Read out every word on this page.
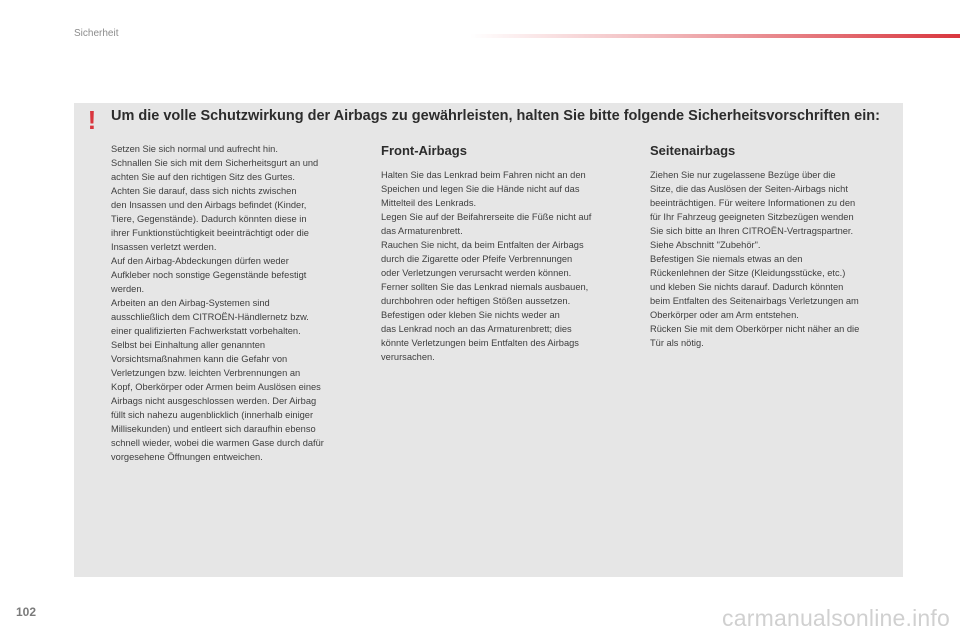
Sicherheit
! Um die volle Schutzwirkung der Airbags zu gewährleisten, halten Sie bitte folgende Sicherheitsvorschriften ein:

Setzen Sie sich normal und aufrecht hin.

Schnallen Sie sich mit dem Sicherheitsgurt an und

achten Sie auf den richtigen Sitz des Gurtes.

Achten Sie darauf, dass sich nichts zwischen

den Insassen und den Airbags befindet (Kinder,

Tiere, Gegenstände). Dadurch könnten diese in

ihrer Funktionstüchtigkeit beeinträchtigt oder die

Insassen verletzt werden.

Auf den Airbag-Abdeckungen dürfen weder

Aufkleber noch sonstige Gegenstände befestigt

werden.

Arbeiten an den Airbag-Systemen sind

ausschließlich dem CITROËN-Händlernetz bzw.

einer qualifizierten Fachwerkstatt vorbehalten.

Selbst bei Einhaltung aller genannten

Vorsichtsmaßnahmen kann die Gefahr von

Verletzungen bzw. leichten Verbrennungen an

Kopf, Oberkörper oder Armen beim Auslösen eines

Airbags nicht ausgeschlossen werden. Der Airbag

füllt sich nahezu augenblicklich (innerhalb einiger

Millisekunden) und entleert sich daraufhin ebenso

schnell wieder, wobei die warmen Gase durch dafür

vorgesehene Öffnungen entweichen.

Front-Airbags

Halten Sie das Lenkrad beim Fahren nicht an den

Speichen und legen Sie die Hände nicht auf das

Mittelteil des Lenkrads.

Legen Sie auf der Beifahrerseite die Füße nicht auf

das Armaturenbrett.

Rauchen Sie nicht, da beim Entfalten der Airbags

durch die Zigarette oder Pfeife Verbrennungen

oder Verletzungen verursacht werden können.

Ferner sollten Sie das Lenkrad niemals ausbauen,

durchbohren oder heftigen Stößen aussetzen.

Befestigen oder kleben Sie nichts weder an

das Lenkrad noch an das Armaturenbrett; dies

könnte Verletzungen beim Entfalten des Airbags

verursachen.

Seitenairbags

Ziehen Sie nur zugelassene Bezüge über die

Sitze, die das Auslösen der Seiten-Airbags nicht

beeinträchtigen. Für weitere Informationen zu den

für Ihr Fahrzeug geeigneten Sitzbezügen wenden

Sie sich bitte an Ihren CITROËN-Vertragspartner.

Siehe Abschnitt "Zubehör".

Befestigen Sie niemals etwas an den

Rückenlehnen der Sitze (Kleidungsstücke, etc.)

und kleben Sie nichts darauf. Dadurch könnten

beim Entfalten des Seitenairbags Verletzungen am

Oberkörper oder am Arm entstehen.

Rücken Sie mit dem Oberkörper nicht näher an die

Tür als nötig.

102	carmanualsonline.info
